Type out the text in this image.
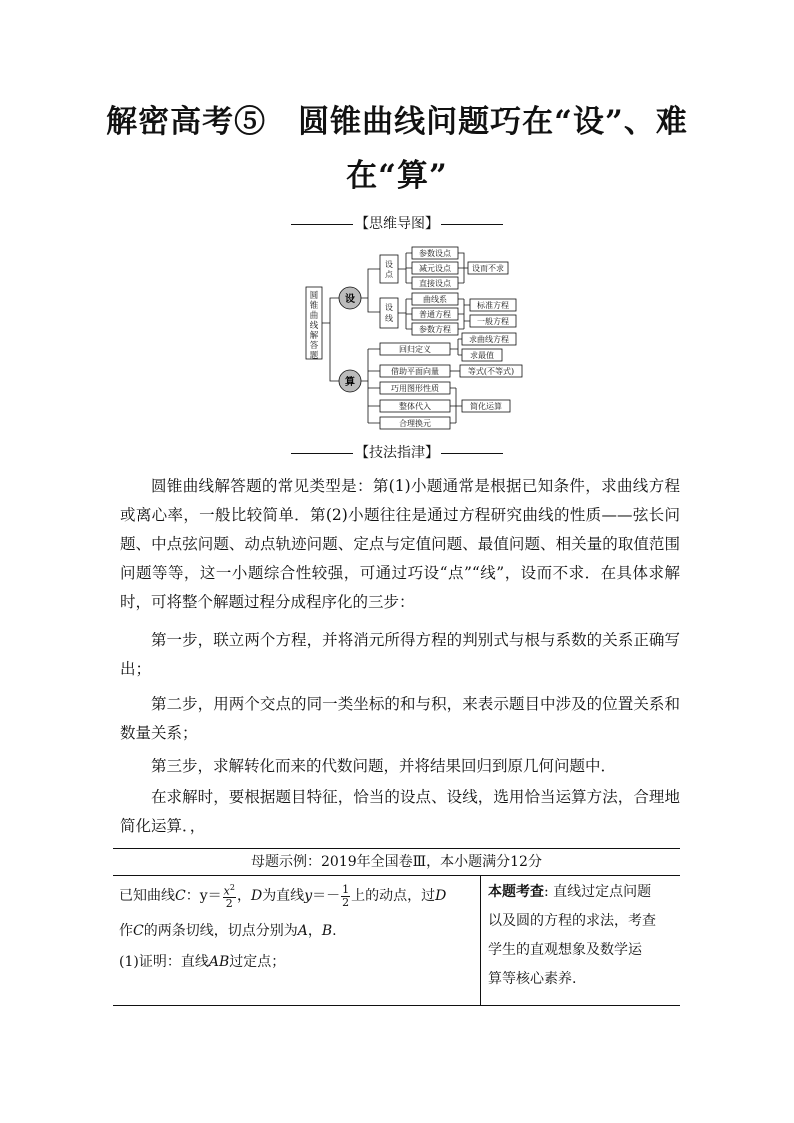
解密高考⑤　圆锥曲线问题巧在“设”、难
在“算”
【思维导图】
圆
锥
曲
线
解
答
题
设
算
设
点
设
线
参数设点
减元设点
直接设点
设而不求
曲线系
普通方程
参数方程
标准方程
一般方程
回归定义
借助平面向量
巧用图形性质
整体代入
合理换元
求曲线方程
求最值
等式(不等式)
简化运算
【技法指津】

圆锥曲线解答题的常见类型是：第(1)小题通常是根据已知条件，求曲线方程或离心率，一般比较简单．第(2)小题往往是通过方程研究曲线的性质——弦长问题、中点弦问题、动点轨迹问题、定点与定值问题、最值问题、相关量的取值范围问题等等，这一小题综合性较强，可通过巧设“点”“线”，设而不求．在具体求解时，可将整个解题过程分成程序化的三步：

第一步，联立两个方程，并将消元所得方程的判别式与根与系数的关系正确写出；

第二步，用两个交点的同一类坐标的和与积，来表示题目中涉及的位置关系和数量关系；

第三步，求解转化而来的代数问题，并将结果回归到原几何问题中．

在求解时，要根据题目特征，恰当的设点、设线，选用恰当运算方法，合理地简化运算．，

母题示例：2019年全国卷Ⅲ，本小题满分12分
已知曲线C：$y= \frac{x^2}{2}$ ，D为直线$y=- \frac{1}{2}$ 上的动点，过D
作C的两条切线，切点分别为A，B.
(1)证明：直线AB过定点；
本题考查: 直线过定点问题
以及圆的方程的求法，考查
学生的直观想象及数学运
算等核心素养.
